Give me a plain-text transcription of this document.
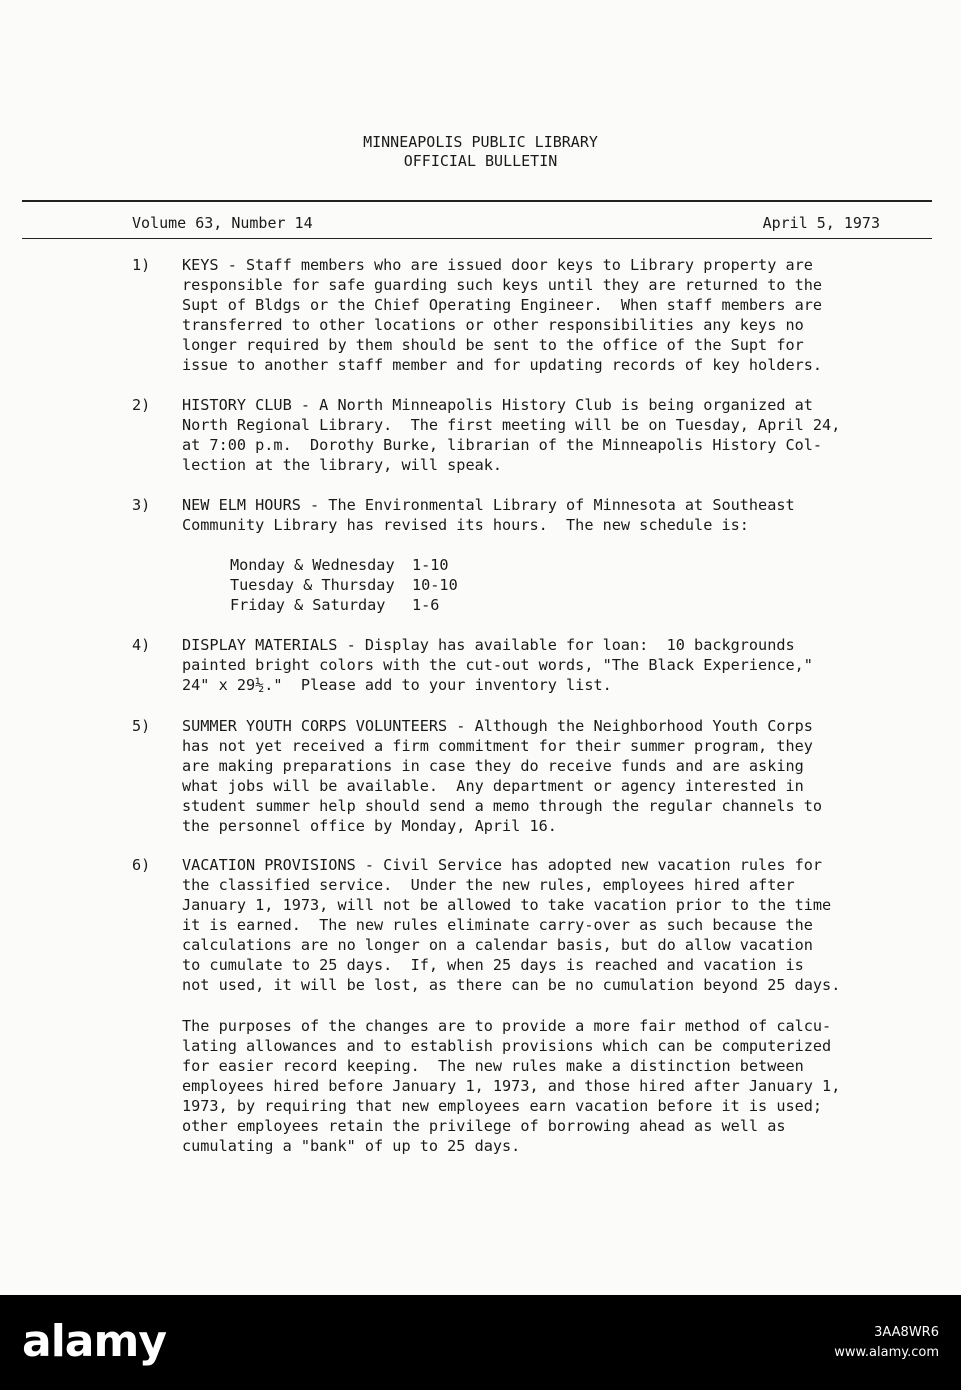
MINNEAPOLIS PUBLIC LIBRARY
OFFICIAL BULLETIN
Volume 63, Number 14	April 5, 1973
1)	KEYS - Staff members who are issued door keys to Library property are
responsible for safe guarding such keys until they are returned to the
Supt of Bldgs or the Chief Operating Engineer.  When staff members are
transferred to other locations or other responsibilities any keys no
longer required by them should be sent to the office of the Supt for
issue to another staff member and for updating records of key holders.
2)	HISTORY CLUB - A North Minneapolis History Club is being organized at
North Regional Library.  The first meeting will be on Tuesday, April 24,
at 7:00 p.m.  Dorothy Burke, librarian of the Minneapolis History Col-
lection at the library, will speak.
3)	NEW ELM HOURS - The Environmental Library of Minnesota at Southeast
Community Library has revised its hours.  The new schedule is:
Monday & Wednesday	1-10
Tuesday & Thursday	10-10
Friday & Saturday	1-6
4)	DISPLAY MATERIALS - Display has available for loan:  10 backgrounds
painted bright colors with the cut-out words, "The Black Experience,"
24" x 29½."  Please add to your inventory list.
5)	SUMMER YOUTH CORPS VOLUNTEERS - Although the Neighborhood Youth Corps
has not yet received a firm commitment for their summer program, they
are making preparations in case they do receive funds and are asking
what jobs will be available.  Any department or agency interested in
student summer help should send a memo through the regular channels to
the personnel office by Monday, April 16.
6)	VACATION PROVISIONS - Civil Service has adopted new vacation rules for
the classified service.  Under the new rules, employees hired after
January 1, 1973, will not be allowed to take vacation prior to the time
it is earned.  The new rules eliminate carry-over as such because the
calculations are no longer on a calendar basis, but do allow vacation
to cumulate to 25 days.  If, when 25 days is reached and vacation is
not used, it will be lost, as there can be no cumulation beyond 25 days.
The purposes of the changes are to provide a more fair method of calcu-
lating allowances and to establish provisions which can be computerized
for easier record keeping.  The new rules make a distinction between
employees hired before January 1, 1973, and those hired after January 1,
1973, by requiring that new employees earn vacation before it is used;
other employees retain the privilege of borrowing ahead as well as
cumulating a "bank" of up to 25 days.
alamy	3AA8WR6
www.alamy.com
